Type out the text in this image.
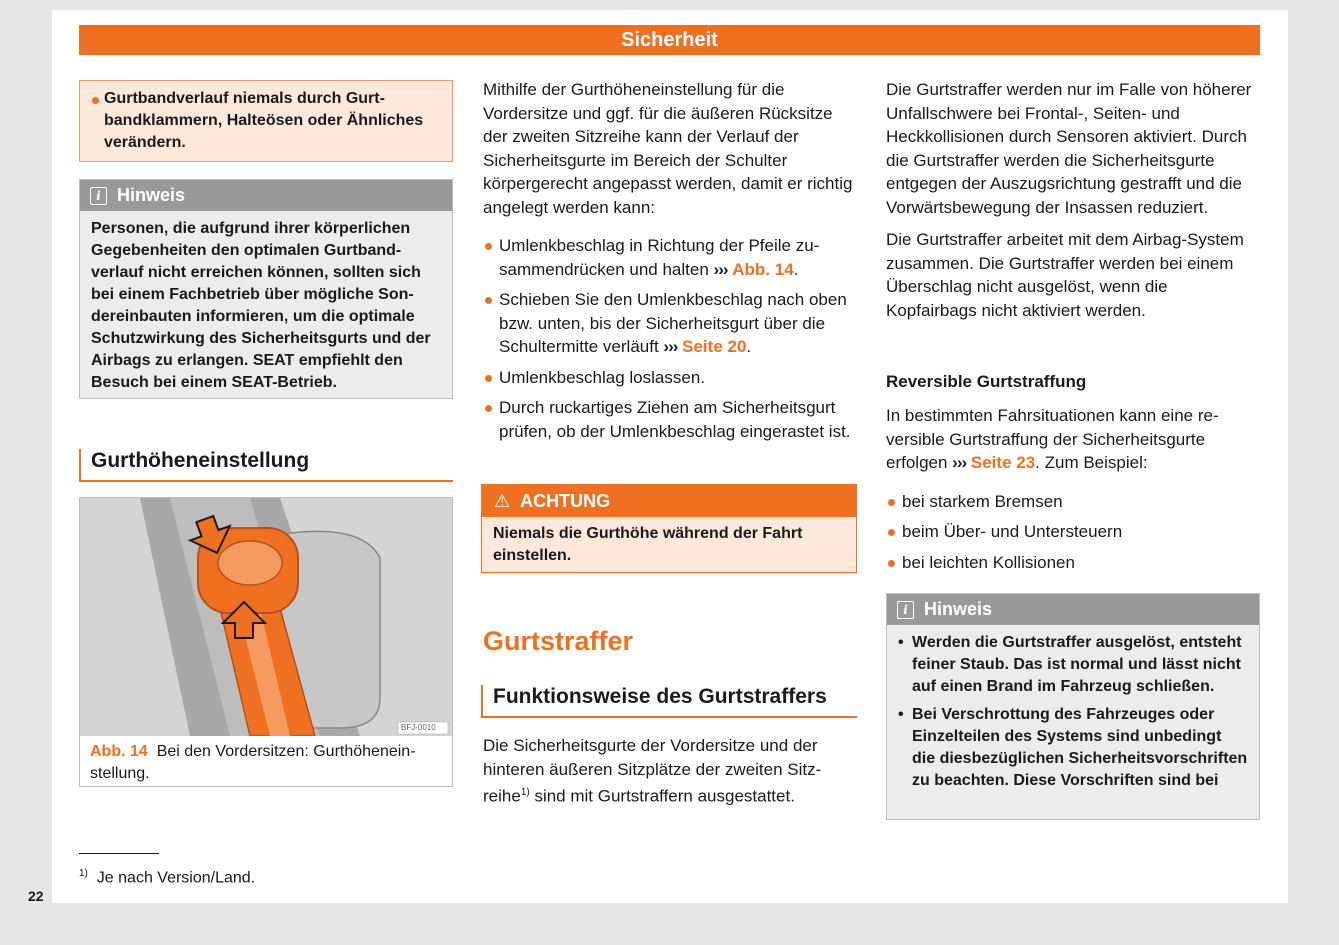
Sicherheit
Gurtbandverlauf niemals durch Gurtbandklammern, Halteösen oder Ähnliches verändern.
i Hinweis
Personen, die aufgrund ihrer körperlichen Gegebenheiten den optimalen Gurtbandverlauf nicht erreichen können, sollten sich bei einem Fachbetrieb über mögliche Sondereinbauten informieren, um die optimale Schutzwirkung des Sicherheitsgurts und der Airbags zu erlangen. SEAT empfiehlt den Besuch bei einem SEAT-Betrieb.
Gurthöheneinstellung
BFJ-0010
Abb. 14 Bei den Vordersitzen: Gurthöheneinstellung.

Mithilfe der Gurthöheneinstellung für die Vordersitze und ggf. für die äußeren Rücksitze der zweiten Sitzreihe kann der Verlauf der Sicherheitsgurte im Bereich der Schulter körpergerecht angepasst werden, damit er richtig angelegt werden kann:

Umlenkbeschlag in Richtung der Pfeile zusammendrücken und halten ››› Abb. 14.
Schieben Sie den Umlenkbeschlag nach oben bzw. unten, bis der Sicherheitsgurt über die Schultermitte verläuft ››› Seite 20.
Umlenkbeschlag loslassen.
Durch ruckartiges Ziehen am Sicherheitsgurt prüfen, ob der Umlenkbeschlag eingerastet ist.
⚠ ACHTUNG
Niemals die Gurthöhe während der Fahrt einstellen.
Gurtstraffer
Funktionsweise des Gurtstraffers

Die Sicherheitsgurte der Vordersitze und der hinteren äußeren Sitzplätze der zweiten Sitzreihe$^{1)}$ sind mit Gurtstraffern ausgestattet.

Die Gurtstraffer werden nur im Falle von höherer Unfallschwere bei Frontal-, Seiten- und Heckkollisionen durch Sensoren aktiviert. Durch die Gurtstraffer werden die Sicherheitsgurte entgegen der Auszugsrichtung gestrafft und die Vorwärtsbewegung der Insassen reduziert.

Die Gurtstraffer arbeitet mit dem Airbag-System zusammen. Die Gurtstraffer werden bei einem Überschlag nicht ausgelöst, wenn die Kopfairbags nicht aktiviert werden.

Reversible Gurtstraffung

In bestimmten Fahrsituationen kann eine reversible Gurtstraffung der Sicherheitsgurte erfolgen ››› Seite 23. Zum Beispiel:

bei starkem Bremsen
beim Über- und Untersteuern
bei leichten Kollisionen
i Hinweis
• Werden die Gurtstraffer ausgelöst, entsteht feiner Staub. Das ist normal und lässt nicht auf einen Brand im Fahrzeug schließen.
• Bei Verschrottung des Fahrzeuges oder Einzelteilen des Systems sind unbedingt die diesbezüglichen Sicherheitsvorschriften zu beachten. Diese Vorschriften sind bei
$^{1)}$ Je nach Version/Land.
22
